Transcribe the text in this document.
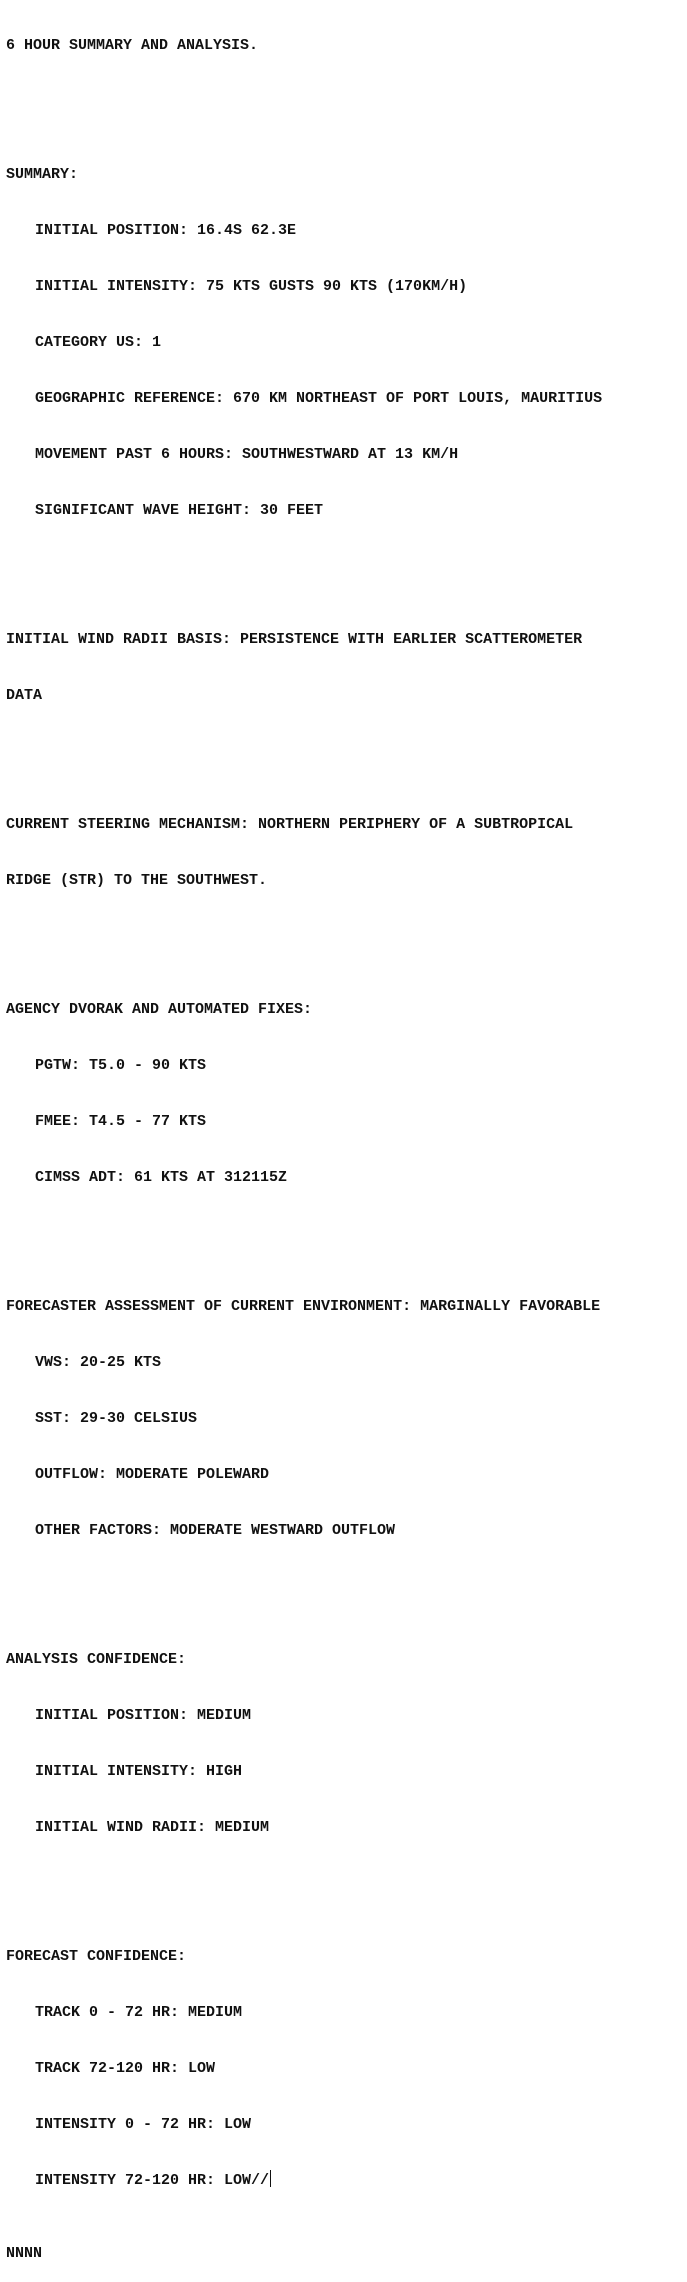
6 HOUR SUMMARY AND ANALYSIS.

SUMMARY:

INITIAL POSITION: 16.4S 62.3E

INITIAL INTENSITY: 75 KTS GUSTS 90 KTS (170KM/H)

CATEGORY US: 1

GEOGRAPHIC REFERENCE: 670 KM NORTHEAST OF PORT LOUIS, MAURITIUS

MOVEMENT PAST 6 HOURS: SOUTHWESTWARD AT 13 KM/H

SIGNIFICANT WAVE HEIGHT: 30 FEET

INITIAL WIND RADII BASIS: PERSISTENCE WITH EARLIER SCATTEROMETER

DATA

CURRENT STEERING MECHANISM: NORTHERN PERIPHERY OF A SUBTROPICAL

RIDGE (STR) TO THE SOUTHWEST.

AGENCY DVORAK AND AUTOMATED FIXES:

PGTW: T5.0 - 90 KTS

FMEE: T4.5 - 77 KTS

CIMSS ADT: 61 KTS AT 312115Z

FORECASTER ASSESSMENT OF CURRENT ENVIRONMENT: MARGINALLY FAVORABLE

VWS: 20-25 KTS

SST: 29-30 CELSIUS

OUTFLOW: MODERATE POLEWARD

OTHER FACTORS: MODERATE WESTWARD OUTFLOW

ANALYSIS CONFIDENCE:

INITIAL POSITION: MEDIUM

INITIAL INTENSITY: HIGH

INITIAL WIND RADII: MEDIUM

FORECAST CONFIDENCE:

TRACK 0 - 72 HR: MEDIUM

TRACK 72-120 HR: LOW

INTENSITY 0 - 72 HR: LOW

INTENSITY 72-120 HR: LOW//

NNNN
